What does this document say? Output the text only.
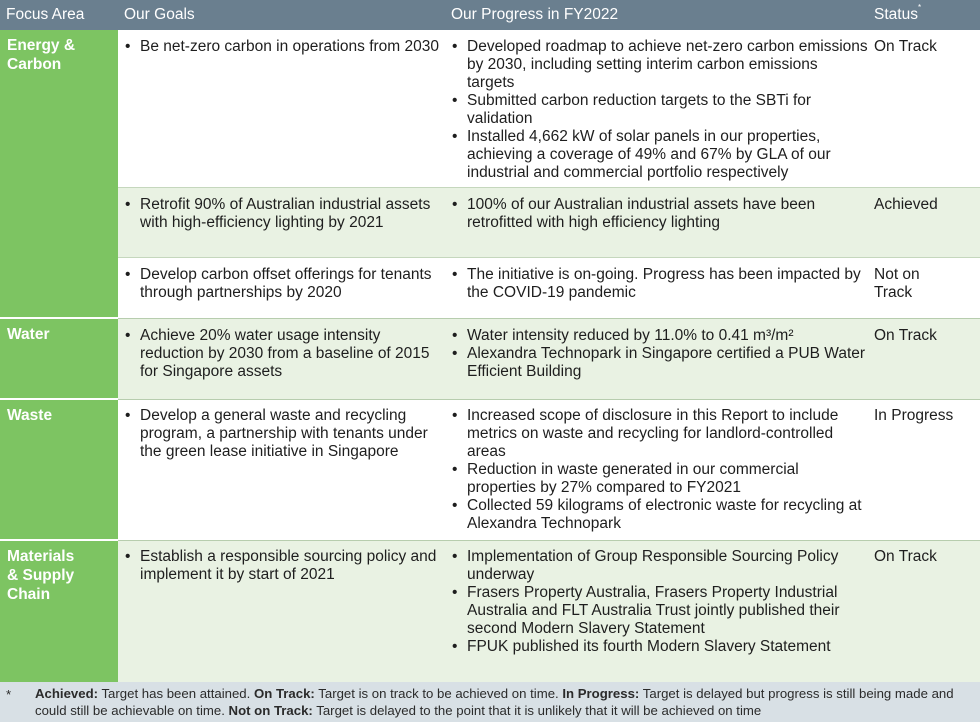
Focus Area	Our Goals	Our Progress in FY2022	Status*
Energy &
Carbon
Water
Waste
Materials
& Supply
Chain
• Be net-zero carbon in operations from 2030
•	Developed roadmap to achieve net-zero carbon emissions by 2030, including setting interim carbon emissions targets
• Submitted carbon reduction targets to the SBTi for validation
• Installed 4,662 kW of solar panels in our properties, achieving a coverage of 49% and 67% by GLA of our industrial and commercial portfolio respectively
On Track
• Retrofit 90% of Australian industrial assets with high-efficiency lighting by 2021
• 100% of our Australian industrial assets have been retrofitted with high efficiency lighting
Achieved
• Develop carbon offset offerings for tenants through partnerships by 2020
• The initiative is on-going. Progress has been impacted by the COVID-19 pandemic
Not on Track
• Achieve 20% water usage intensity reduction by 2030 from a baseline of 2015 for Singapore assets
• Water intensity reduced by 11.0% to 0.41 m³/m²
• Alexandra Technopark in Singapore certified a PUB Water Efficient Building
On Track
• Develop a general waste and recycling program, a partnership with tenants under the green lease initiative in Singapore
• Increased scope of disclosure in this Report to include metrics on waste and recycling for landlord-controlled areas
• Reduction in waste generated in our commercial properties by 27% compared to FY2021
• Collected 59 kilograms of electronic waste for recycling at Alexandra Technopark
In Progress
• Establish a responsible sourcing policy and implement it by start of 2021
• Implementation of Group Responsible Sourcing Policy underway
• Frasers Property Australia, Frasers Property Industrial Australia and FLT Australia Trust jointly published their second Modern Slavery Statement
• FPUK published its fourth Modern Slavery Statement
On Track
* Achieved: Target has been attained. On Track: Target is on track to be achieved on time. In Progress: Target is delayed but progress is still being made and could still be achievable on time. Not on Track: Target is delayed to the point that it is unlikely that it will be achieved on time
